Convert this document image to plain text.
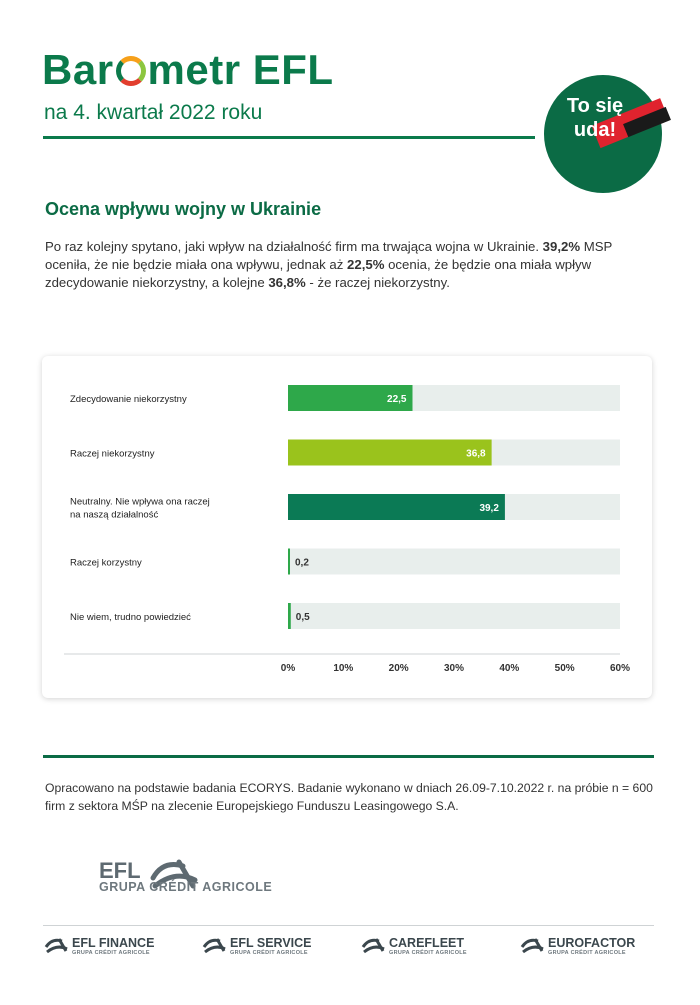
Bar metr EFL
na 4. kwartał 2022 roku	To się
uda!
Ocena wpływu wojny w Ukrainie
Po raz kolejny spytano, jaki wpływ na działalność firm ma trwająca wojna w Ukrainie. 39,2% MSP oceniła, że nie będzie miała ona wpływu, jednak aż 22,5% ocenia, że będzie ona miała wpływ zdecydowanie niekorzystny, a kolejne 36,8% - że raczej niekorzystny.
Zdecydowanie niekorzystny	22,5
Raczej niekorzystny	36,8
Neutralny. Nie wpływa ona raczej
na naszą działalność
39,2
Raczej korzystny	0,2
Nie wiem, trudno powiedzieć	0,5
0%	10%	20%	30%	40%	50%	60%
Opracowano na podstawie badania ECORYS. Badanie wykonano w dniach 26.09-7.10.2022 r. na próbie n = 600 firm z sektora MŚP na zlecenie Europejskiego Funduszu Leasingowego S.A.
EFL
GRUPA CRÉDIT AGRICOLE
EFL FINANCE
GRUPA CRÉDIT AGRICOLE
EFL SERVICE
GRUPA CRÉDIT AGRICOLE
CAREFLEET
GRUPA CRÉDIT AGRICOLE
EUROFACTOR
GRUPA CRÉDIT AGRICOLE
